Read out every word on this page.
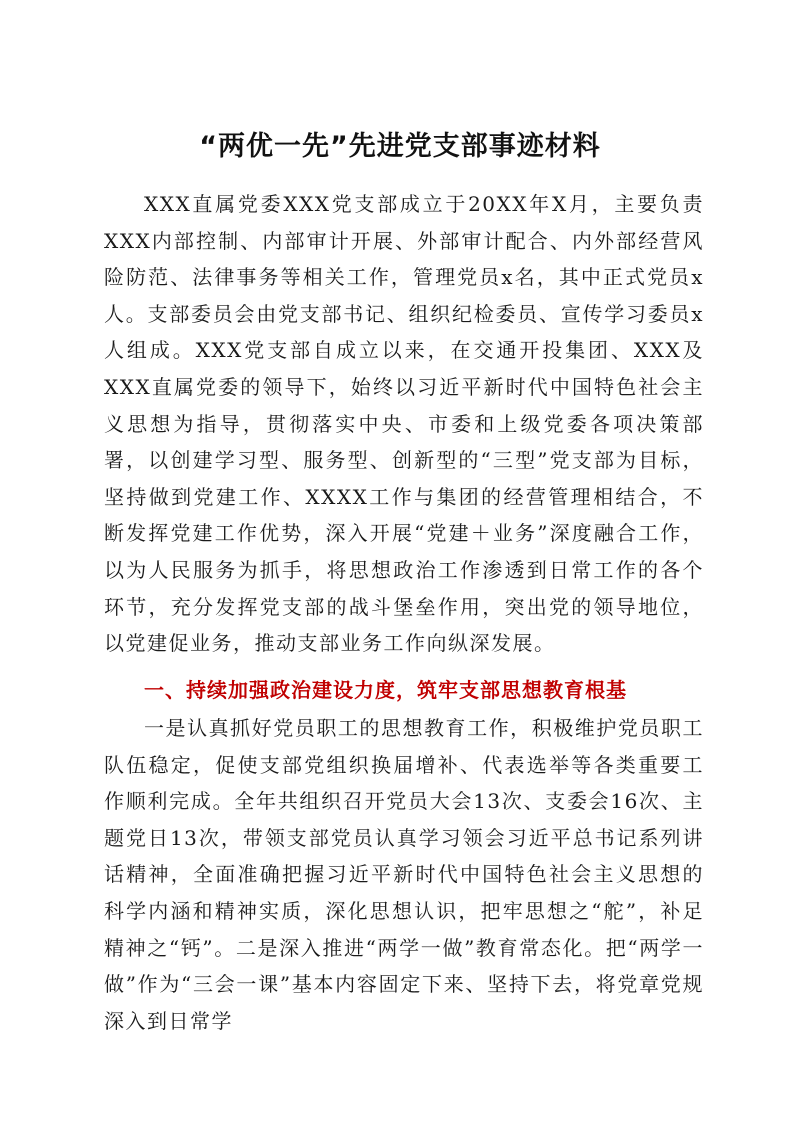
“两优一先”先进党支部事迹材料

XXX直属党委XXX党支部成立于20XX年X月，主要负责XXX内部控制、内部审计开展、外部审计配合、内外部经营风险防范、法律事务等相关工作，管理党员x名，其中正式党员x人。支部委员会由党支部书记、组织纪检委员、宣传学习委员x人组成。XXX党支部自成立以来，在交通开投集团、XXX及XXX直属党委的领导下，始终以习近平新时代中国特色社会主义思想为指导，贯彻落实中央、市委和上级党委各项决策部署，以创建学习型、服务型、创新型的“三型”党支部为目标，坚持做到党建工作、XXXX工作与集团的经营管理相结合，不断发挥党建工作优势，深入开展“党建＋业务”深度融合工作，以为人民服务为抓手，将思想政治工作渗透到日常工作的各个环节，充分发挥党支部的战斗堡垒作用，突出党的领导地位，以党建促业务，推动支部业务工作向纵深发展。

一、持续加强政治建设力度，筑牢支部思想教育根基

一是认真抓好党员职工的思想教育工作，积极维护党员职工队伍稳定，促使支部党组织换届增补、代表选举等各类重要工作顺利完成。全年共组织召开党员大会13次、支委会16次、主题党日13次，带领支部党员认真学习领会习近平总书记系列讲话精神，全面准确把握习近平新时代中国特色社会主义思想的科学内涵和精神实质，深化思想认识，把牢思想之“舵”，补足精神之“钙”。二是深入推进“两学一做”教育常态化。把“两学一做”作为“三会一课”基本内容固定下来、坚持下去，将党章党规深入到日常学
